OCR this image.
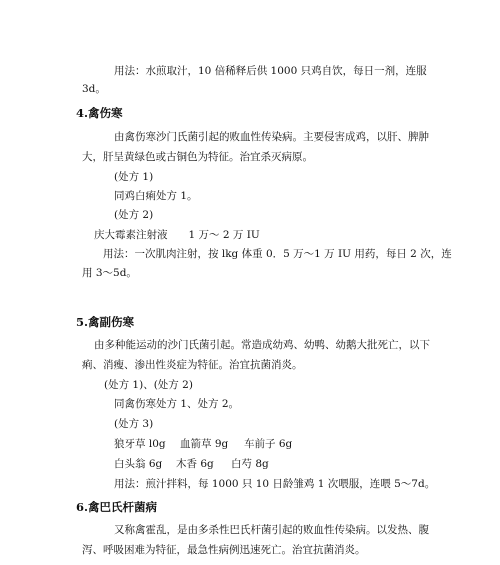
用法：水煎取汁，10 倍稀释后供 1000 只鸡自饮，每日一剂，连服
3d。
4.禽伤寒
由禽伤寒沙门氏菌引起的败血性传染病。主要侵害成鸡，以肝、脾肿
大，肝呈黄绿色或古铜色为特征。治宜杀灭病原。
(处方 1)
同鸡白痢处方 1。
(处方 2)
庆大霉素注射液　　1 万～ 2 万 IU
用法：一次肌肉注射，按 lkg 体重 0．5 万～1 万 IU 用药，每日 2 次，连
用 3～5d。
5.禽副伤寒
由多种能运动的沙门氏菌引起。常造成幼鸡、幼鸭、幼鹅大批死亡，以下
痢、消瘦、渗出性炎症为特征。治宜抗菌消炎。
(处方 1)、(处方 2)
同禽伤寒处方 1、处方 2。
(处方 3)
狼牙草 l0g 血箭草 9g 车前子 6g
白头翁 6g 木香 6g 白芍 8g
用法：煎汁拌料，每 1000 只 10 日龄雏鸡 1 次喂服，连喂 5～7d。
6.禽巴氏杆菌病
又称禽霍乱，是由多杀性巴氏杆菌引起的败血性传染病。以发热、腹
泻、呼吸困难为特征，最急性病例迅速死亡。治宜抗菌消炎。
